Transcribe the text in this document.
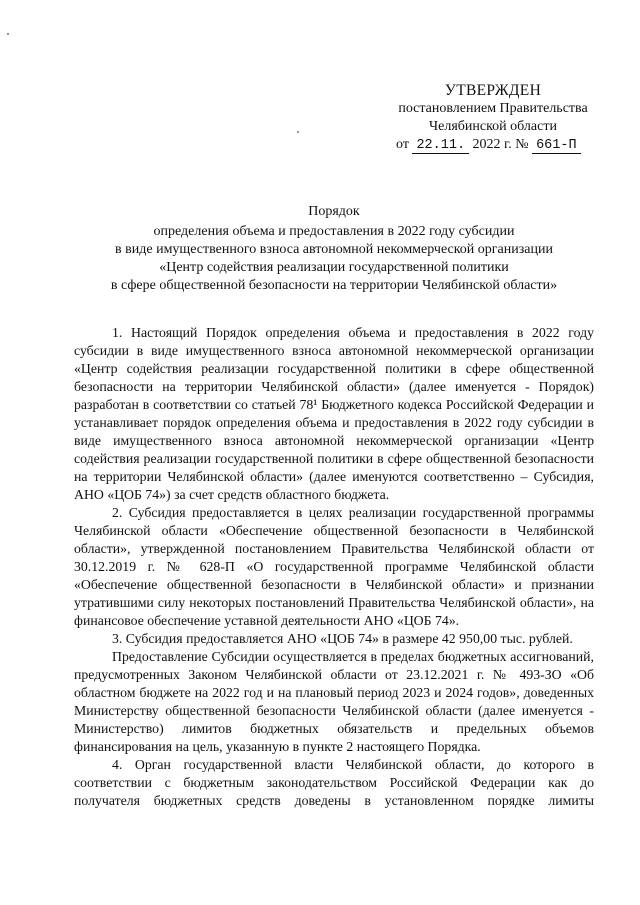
УТВЕРЖДЕН
постановлением Правительства
Челябинской области
от 22.11. 2022 г. № 661-П
Порядок
определения объема и предоставления в 2022 году субсидии
в виде имущественного взноса автономной некоммерческой организации
«Центр содействия реализации государственной политики
в сфере общественной безопасности на территории Челябинской области»

1. Настоящий Порядок определения объема и предоставления в 2022 году субсидии в виде имущественного взноса автономной некоммерческой организации «Центр содействия реализации государственной политики в сфере общественной безопасности на территории Челябинской области» (далее именуется - Порядок) разработан в соответствии со статьей 78¹ Бюджетного кодекса Российской Федерации и устанавливает порядок определения объема и предоставления в 2022 году субсидии в виде имущественного взноса автономной некоммерческой организации «Центр содействия реализации государственной политики в сфере общественной безопасности на территории Челябинской области» (далее именуются соответственно – Субсидия, АНО «ЦОБ 74») за счет средств областного бюджета.

2. Субсидия предоставляется в целях реализации государственной программы Челябинской области «Обеспечение общественной безопасности в Челябинской области», утвержденной постановлением Правительства Челябинской области от 30.12.2019 г. № 628-П «О государственной программе Челябинской области «Обеспечение общественной безопасности в Челябинской области» и признании утратившими силу некоторых постановлений Правительства Челябинской области», на финансовое обеспечение уставной деятельности АНО «ЦОБ 74».

3. Субсидия предоставляется АНО «ЦОБ 74» в размере 42 950,00 тыс. рублей.

Предоставление Субсидии осуществляется в пределах бюджетных ассигнований, предусмотренных Законом Челябинской области от 23.12.2021 г. № 493-ЗО «Об областном бюджете на 2022 год и на плановый период 2023 и 2024 годов», доведенных Министерству общественной безопасности Челябинской области (далее именуется - Министерство) лимитов бюджетных обязательств и предельных объемов финансирования на цель, указанную в пункте 2 настоящего Порядка.

4. Орган государственной власти Челябинской области, до которого в соответствии с бюджетным законодательством Российской Федерации как до получателя бюджетных средств доведены в установленном порядке лимиты
